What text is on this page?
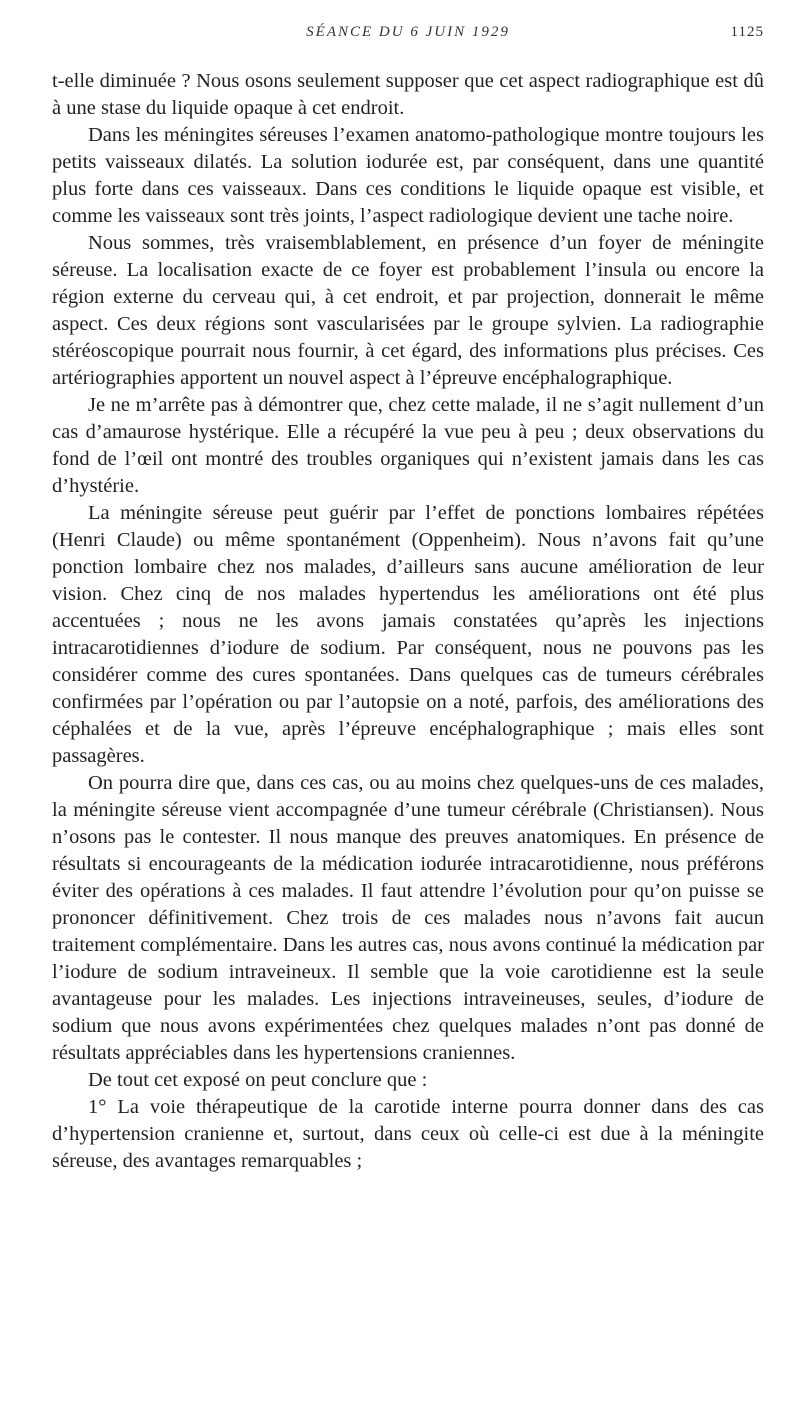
SÉANCE DU 6 JUIN 1929	1125

t-elle diminuée ? Nous osons seulement supposer que cet aspect radiographique est dû à une stase du liquide opaque à cet endroit.

Dans les méningites séreuses l’examen anatomo-pathologique montre toujours les petits vaisseaux dilatés. La solution iodurée est, par conséquent, dans une quantité plus forte dans ces vaisseaux. Dans ces conditions le liquide opaque est visible, et comme les vaisseaux sont très joints, l’aspect radiologique devient une tache noire.

Nous sommes, très vraisemblablement, en présence d’un foyer de méningite séreuse. La localisation exacte de ce foyer est probablement l’insula ou encore la région externe du cerveau qui, à cet endroit, et par projection, donnerait le même aspect. Ces deux régions sont vascularisées par le groupe sylvien. La radiographie stéréoscopique pourrait nous fournir, à cet égard, des informations plus précises. Ces artériographies apportent un nouvel aspect à l’épreuve encéphalographique.

Je ne m’arrête pas à démontrer que, chez cette malade, il ne s’agit nullement d’un cas d’amaurose hystérique. Elle a récupéré la vue peu à peu ; deux observations du fond de l’œil ont montré des troubles organiques qui n’existent jamais dans les cas d’hystérie.

La méningite séreuse peut guérir par l’effet de ponctions lombaires répétées (Henri Claude) ou même spontanément (Oppenheim). Nous n’avons fait qu’une ponction lombaire chez nos malades, d’ailleurs sans aucune amélioration de leur vision. Chez cinq de nos malades hypertendus les améliorations ont été plus accentuées ; nous ne les avons jamais constatées qu’après les injections intracarotidiennes d’iodure de sodium. Par conséquent, nous ne pouvons pas les considérer comme des cures spontanées. Dans quelques cas de tumeurs cérébrales confirmées par l’opération ou par l’autopsie on a noté, parfois, des améliorations des céphalées et de la vue, après l’épreuve encéphalographique ; mais elles sont passagères.

On pourra dire que, dans ces cas, ou au moins chez quelques-uns de ces malades, la méningite séreuse vient accompagnée d’une tumeur cérébrale (Christiansen). Nous n’osons pas le contester. Il nous manque des preuves anatomiques. En présence de résultats si encourageants de la médication iodurée intracarotidienne, nous préférons éviter des opérations à ces malades. Il faut attendre l’évolution pour qu’on puisse se prononcer définitivement. Chez trois de ces malades nous n’avons fait aucun traitement complémentaire. Dans les autres cas, nous avons continué la médication par l’iodure de sodium intraveineux. Il semble que la voie carotidienne est la seule avantageuse pour les malades. Les injections intraveineuses, seules, d’iodure de sodium que nous avons expérimentées chez quelques malades n’ont pas donné de résultats appréciables dans les hypertensions craniennes.

De tout cet exposé on peut conclure que :

1° La voie thérapeutique de la carotide interne pourra donner dans des cas d’hypertension cranienne et, surtout, dans ceux où celle-ci est due à la méningite séreuse, des avantages remarquables ;
